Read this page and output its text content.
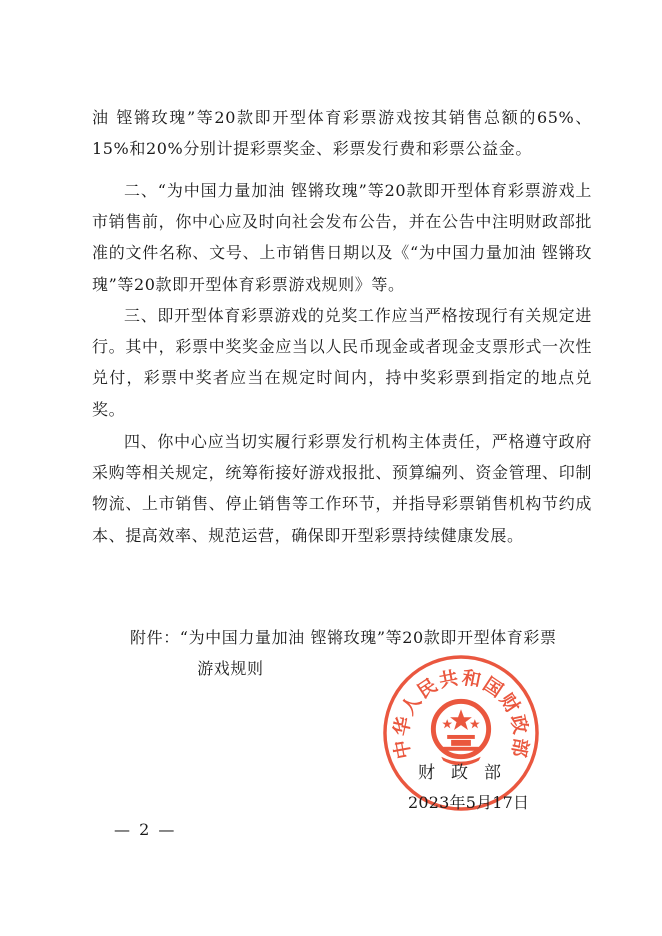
油 铿锵玫瑰”等20款即开型体育彩票游戏按其销售总额的65%、15%和20%分别计提彩票奖金、彩票发行费和彩票公益金。

二、“为中国力量加油 铿锵玫瑰”等20款即开型体育彩票游戏上市销售前，你中心应及时向社会发布公告，并在公告中注明财政部批准的文件名称、文号、上市销售日期以及《“为中国力量加油 铿锵玫瑰”等20款即开型体育彩票游戏规则》等。

三、即开型体育彩票游戏的兑奖工作应当严格按现行有关规定进行。其中，彩票中奖奖金应当以人民币现金或者现金支票形式一次性兑付，彩票中奖者应当在规定时间内，持中奖彩票到指定的地点兑奖。

四、你中心应当切实履行彩票发行机构主体责任，严格遵守政府采购等相关规定，统筹衔接好游戏报批、预算编列、资金管理、印制物流、上市销售、停止销售等工作环节，并指导彩票销售机构节约成本、提高效率、规范运营，确保即开型彩票持续健康发展。

附件：“为中国力量加油 铿锵玫瑰”等20款即开型体育彩票
游戏规则

中华人民共和国财政部
财政部
2023年5月17日
— 2 —
